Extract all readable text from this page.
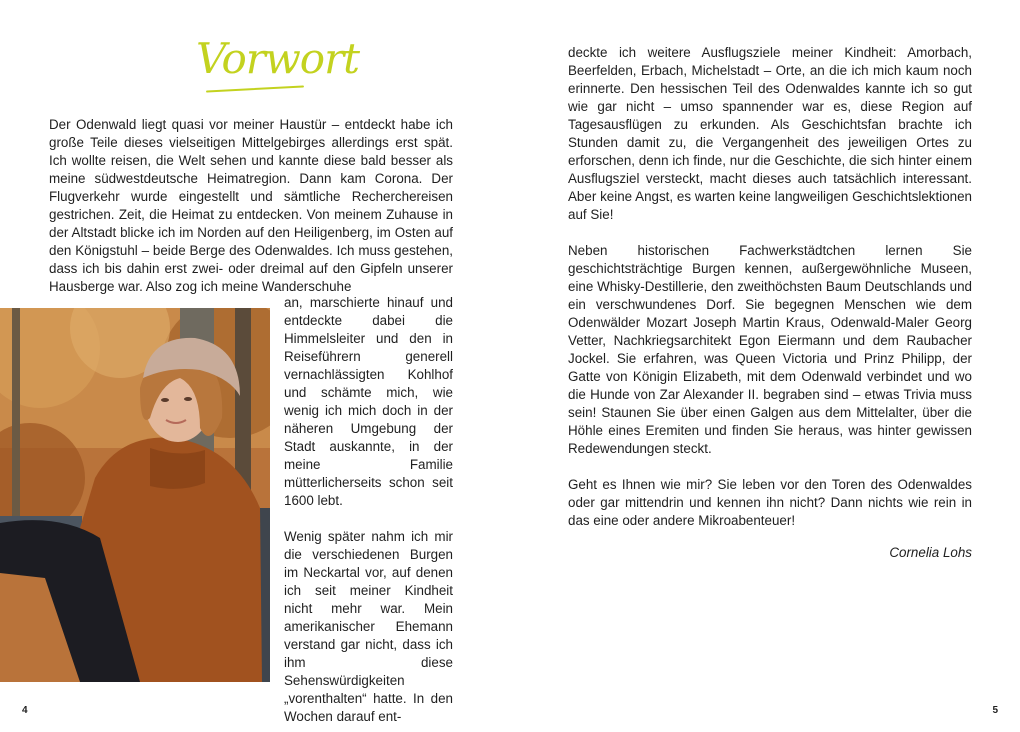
Vorwort

Der Odenwald liegt quasi vor meiner Haustür – entdeckt habe ich große Teile dieses vielseitigen Mittelgebirges allerdings erst spät. Ich wollte reisen, die Welt sehen und kannte diese bald besser als meine südwestdeutsche Heimatregion. Dann kam Corona. Der Flugverkehr wurde eingestellt und sämtliche Recherchereisen gestrichen. Zeit, die Heimat zu entdecken. Von meinem Zuhause in der Altstadt blicke ich im Norden auf den Heiligenberg, im Osten auf den Königstuhl – beide Berge des Odenwaldes. Ich muss gestehen, dass ich bis dahin erst zwei- oder dreimal auf den Gipfeln unserer Hausberge war. Also zog ich meine Wanderschuhe

an, marschierte hinauf und entdeckte dabei die Himmelsleiter und den in Reiseführern generell vernachlässigten Kohlhof und schämte mich, wie wenig ich mich doch in der näheren Umgebung der Stadt auskannte, in der meine Familie mütterlicherseits schon seit 1600 lebt.

Wenig später nahm ich mir die verschiedenen Burgen im Neckartal vor, auf denen ich seit meiner Kindheit nicht mehr war. Mein amerikanischer Ehemann verstand gar nicht, dass ich ihm diese Sehenswürdigkeiten „vorenthalten“ hatte. In den Wochen darauf ent-

4

deckte ich weitere Ausflugsziele meiner Kindheit: Amorbach, Beerfelden, Erbach, Michelstadt – Orte, an die ich mich kaum noch erinnerte. Den hessischen Teil des Odenwaldes kannte ich so gut wie gar nicht – umso spannender war es, diese Region auf Tagesausflügen zu erkunden. Als Geschichtsfan brachte ich Stunden damit zu, die Vergangenheit des jeweiligen Ortes zu erforschen, denn ich finde, nur die Geschichte, die sich hinter einem Ausflugsziel versteckt, macht dieses auch tatsächlich interessant. Aber keine Angst, es warten keine langweiligen Geschichtslektionen auf Sie!

Neben historischen Fachwerkstädtchen lernen Sie geschichtsträchtige Burgen kennen, außergewöhnliche Museen, eine Whisky-Destillerie, den zweithöchsten Baum Deutschlands und ein verschwundenes Dorf. Sie begegnen Menschen wie dem Odenwälder Mozart Joseph Martin Kraus, Odenwald-Maler Georg Vetter, Nachkriegsarchitekt Egon Eiermann und dem Raubacher Jockel. Sie erfahren, was Queen Victoria und Prinz Philipp, der Gatte von Königin Elizabeth, mit dem Odenwald verbindet und wo die Hunde von Zar Alexander II. begraben sind – etwas Trivia muss sein! Staunen Sie über einen Galgen aus dem Mittelalter, über die Höhle eines Eremiten und finden Sie heraus, was hinter gewissen Redewendungen steckt.

Geht es Ihnen wie mir? Sie leben vor den Toren des Odenwaldes oder gar mittendrin und kennen ihn nicht? Dann nichts wie rein in das eine oder andere Mikroabenteuer!

Cornelia Lohs
5
